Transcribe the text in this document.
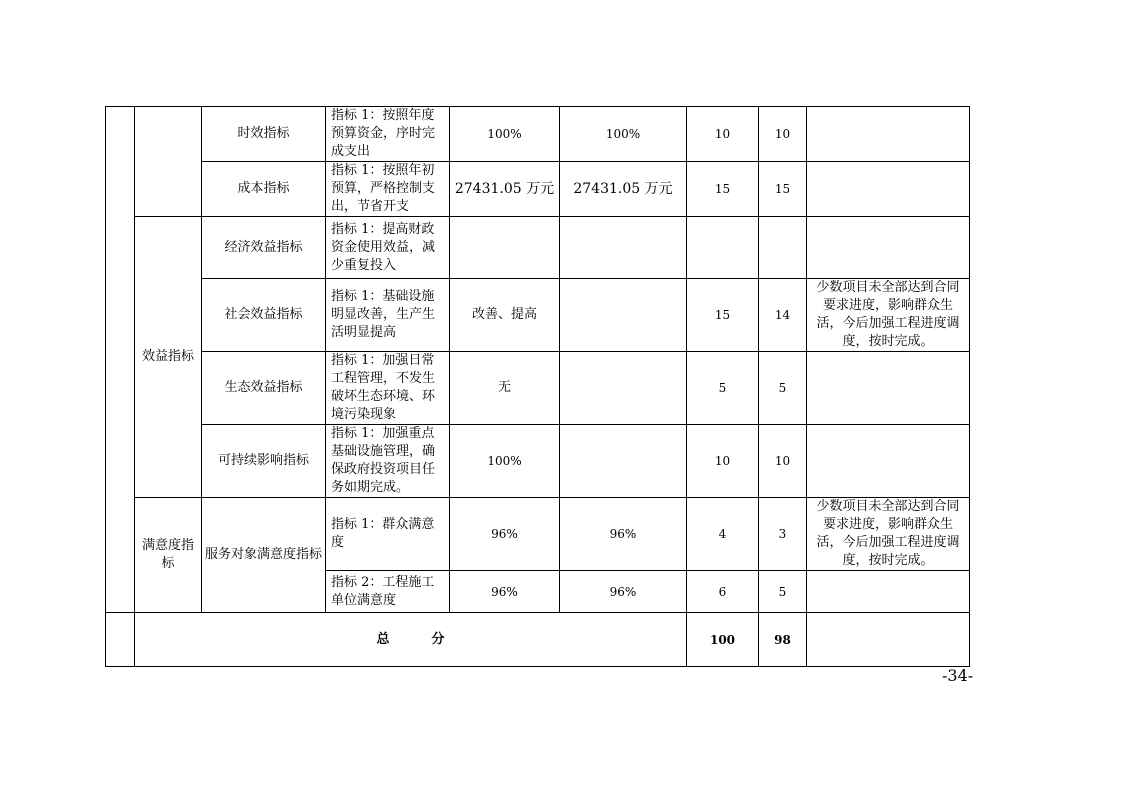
		时效指标	指标 1：按照年度预算资金，序时完成支出	100%	100%	10	10	
		成本指标	指标 1：按照年初预算，严格控制支出，节省开支	27431.05 万元	27431.05 万元	15	15	
	效益指标	经济效益指标	指标 1：提高财政资金使用效益，减少重复投入					
		社会效益指标	指标 1：基础设施明显改善，生产生活明显提高	改善、提高		15	14	少数项目未全部达到合同要求进度，影响群众生活，今后加强工程进度调度，按时完成。
		生态效益指标	指标 1：加强日常工程管理，不发生破坏生态环境、环境污染现象	无		5	5	
		可持续影响指标	指标 1：加强重点基础设施管理，确保政府投资项目任务如期完成。	100%		10	10	
	满意度指标	服务对象满意度指标	指标 1：群众满意度	96%	96%	4	3	少数项目未全部达到合同要求进度，影响群众生活，今后加强工程进度调度，按时完成。
			指标 2：工程施工单位满意度	96%	96%	6	5	
	总 分					100	98	
-34-
